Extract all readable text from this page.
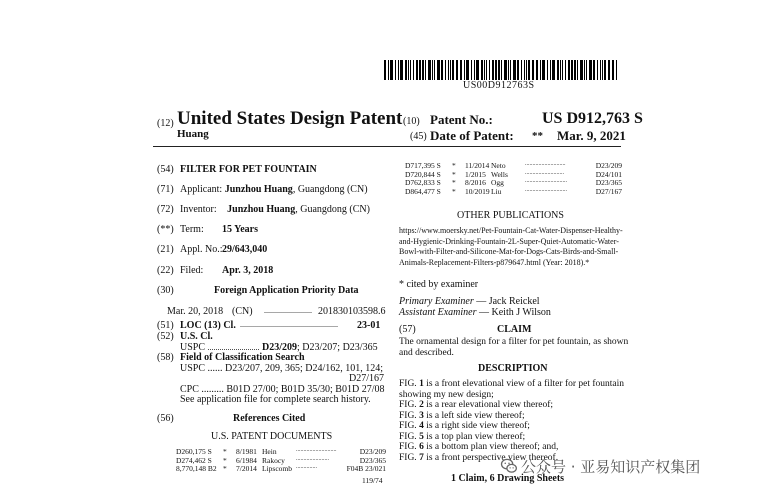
US00D912763S
(12) United States Design Patent
Huang
(10) Patent No.:	US D912,763 S
(45) Date of Patent: ** Mar. 9, 2021
(54) FILTER FOR PET FOUNTAIN
(71) Applicant: Junzhou Huang, Guangdong (CN)
(72) Inventor: Junzhou Huang, Guangdong (CN)
(**) Term: 15 Years
(21) Appl. No.: 29/643,040
(22) Filed: Apr. 3, 2018
(30)	Foreign Application Priority Data
Mar. 20, 2018 (CN) ........................ 201830103598.6
(51) LOC (13) Cl. ................................................. 23-01
(52) U.S. Cl.
USPC .......................... D23/209; D23/207; D23/365
(58) Field of Classification Search
USPC ...... D23/207, 209, 365; D24/162, 101, 124;
D27/167
CPC ......... B01D 27/00; B01D 35/30; B01D 27/08
See application file for complete search history.
(56)	References Cited
U.S. PATENT DOCUMENTS
D260,175 S * 8/1981 Hein	...........................	D23/209
D274,462 S * 6/1984 Rakocy ......................	D23/365
8,770,148 B2 * 7/2014 Lipscomb ..............	F04B 23/021
119/74
D717,395 S * 11/2014 Neto	...........................	D23/209
D720,844 S * 1/2015 Wells	..........................	D24/101
D762,833 S * 8/2016 Ogg	............................	D23/365
D864,477 S * 10/2019 Liu	............................	D27/167
OTHER PUBLICATIONS
https://www.moersky.net/Pet-Fountain-Cat-Water-Dispenser-Healthy-
and-Hygienic-Drinking-Fountain-2L-Super-Quiet-Automatic-Water-
Bowl-with-Filter-and-Silicone-Mat-for-Dogs-Cats-Birds-and-Small-
Animals-Replacement-Filters-p879647.html (Year: 2018).*
* cited by examiner
Primary Examiner — Jack Reickel
Assistant Examiner — Keith J Wilson
(57)	CLAIM
The ornamental design for a filter for pet fountain, as shown
and described.
DESCRIPTION
FIG. 1 is a front elevational view of a filter for pet fountain
showing my new design;
FIG. 2 is a rear elevational view thereof;
FIG. 3 is a left side view thereof;
FIG. 4 is a right side view thereof;
FIG. 5 is a top plan view thereof;
FIG. 6 is a bottom plan view thereof; and,
FIG. 7 is a front perspective view thereof.
1 Claim, 6 Drawing Sheets
公众号 · 亚易知识产权集团
